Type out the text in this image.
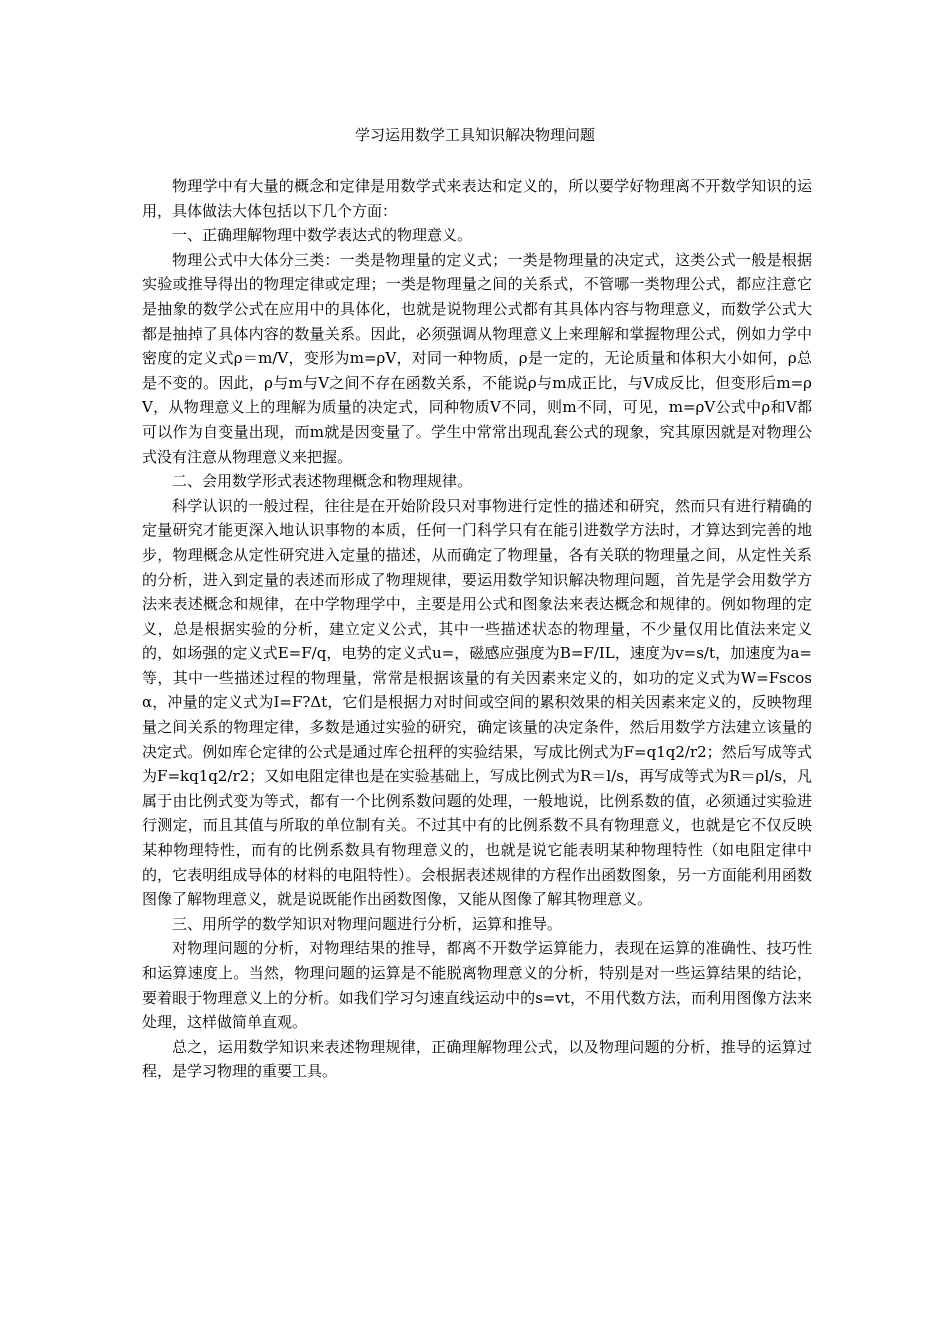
学习运用数学工具知识解决物理问题

物理学中有大量的概念和定律是用数学式来表达和定义的，所以要学好物理离不开数学知识的运用，具体做法大体包括以下几个方面：

一、正确理解物理中数学表达式的物理意义。

物理公式中大体分三类：一类是物理量的定义式；一类是物理量的决定式，这类公式一般是根据实验或推导得出的物理定律或定理；一类是物理量之间的关系式，不管哪一类物理公式，都应注意它是抽象的数学公式在应用中的具体化，也就是说物理公式都有其具体内容与物理意义，而数学公式大都是抽掉了具体内容的数量关系。因此，必须强调从物理意义上来理解和掌握物理公式，例如力学中密度的定义式ρ＝m/V，变形为m=ρV，对同一种物质，ρ是一定的，无论质量和体积大小如何，ρ总是不变的。因此，ρ与m与V之间不存在函数关系，不能说ρ与m成正比，与V成反比，但变形后m=ρV，从物理意义上的理解为质量的决定式，同种物质V不同，则m不同，可见，m=ρV公式中ρ和V都可以作为自变量出现，而m就是因变量了。学生中常常出现乱套公式的现象，究其原因就是对物理公式没有注意从物理意义来把握。

二、会用数学形式表述物理概念和物理规律。

科学认识的一般过程，往往是在开始阶段只对事物进行定性的描述和研究，然而只有进行精确的定量研究才能更深入地认识事物的本质，任何一门科学只有在能引进数学方法时，才算达到完善的地步，物理概念从定性研究进入定量的描述，从而确定了物理量，各有关联的物理量之间，从定性关系的分析，进入到定量的表述而形成了物理规律，要运用数学知识解决物理问题，首先是学会用数学方法来表述概念和规律，在中学物理学中，主要是用公式和图象法来表达概念和规律的。例如物理的定义，总是根据实验的分析，建立定义公式，其中一些描述状态的物理量，不少量仅用比值法来定义的，如场强的定义式E=F/q，电势的定义式u=，磁感应强度为B=F/IL，速度为v=s/t，加速度为a=等，其中一些描述过程的物理量，常常是根据该量的有关因素来定义的，如功的定义式为W=Fscosα，冲量的定义式为I=F?Δt，它们是根据力对时间或空间的累积效果的相关因素来定义的，反映物理量之间关系的物理定律，多数是通过实验的研究，确定该量的决定条件，然后用数学方法建立该量的决定式。例如库仑定律的公式是通过库仑扭秤的实验结果，写成比例式为F=q1q2/r2；然后写成等式为F=kq1q2/r2；又如电阻定律也是在实验基础上，写成比例式为R＝l/s，再写成等式为R＝ρl/s，凡属于由比例式变为等式，都有一个比例系数问题的处理，一般地说，比例系数的值，必须通过实验进行测定，而且其值与所取的单位制有关。不过其中有的比例系数不具有物理意义，也就是它不仅反映某种物理特性，而有的比例系数具有物理意义的，也就是说它能表明某种物理特性（如电阻定律中的，它表明组成导体的材料的电阻特性）。会根据表述规律的方程作出函数图象，另一方面能利用函数图像了解物理意义，就是说既能作出函数图像，又能从图像了解其物理意义。

三、用所学的数学知识对物理问题进行分析，运算和推导。

对物理问题的分析，对物理结果的推导，都离不开数学运算能力，表现在运算的准确性、技巧性和运算速度上。当然，物理问题的运算是不能脱离物理意义的分析，特别是对一些运算结果的结论，要着眼于物理意义上的分析。如我们学习匀速直线运动中的s=vt，不用代数方法，而利用图像方法来处理，这样做简单直观。

总之，运用数学知识来表述物理规律，正确理解物理公式，以及物理问题的分析，推导的运算过程，是学习物理的重要工具。
